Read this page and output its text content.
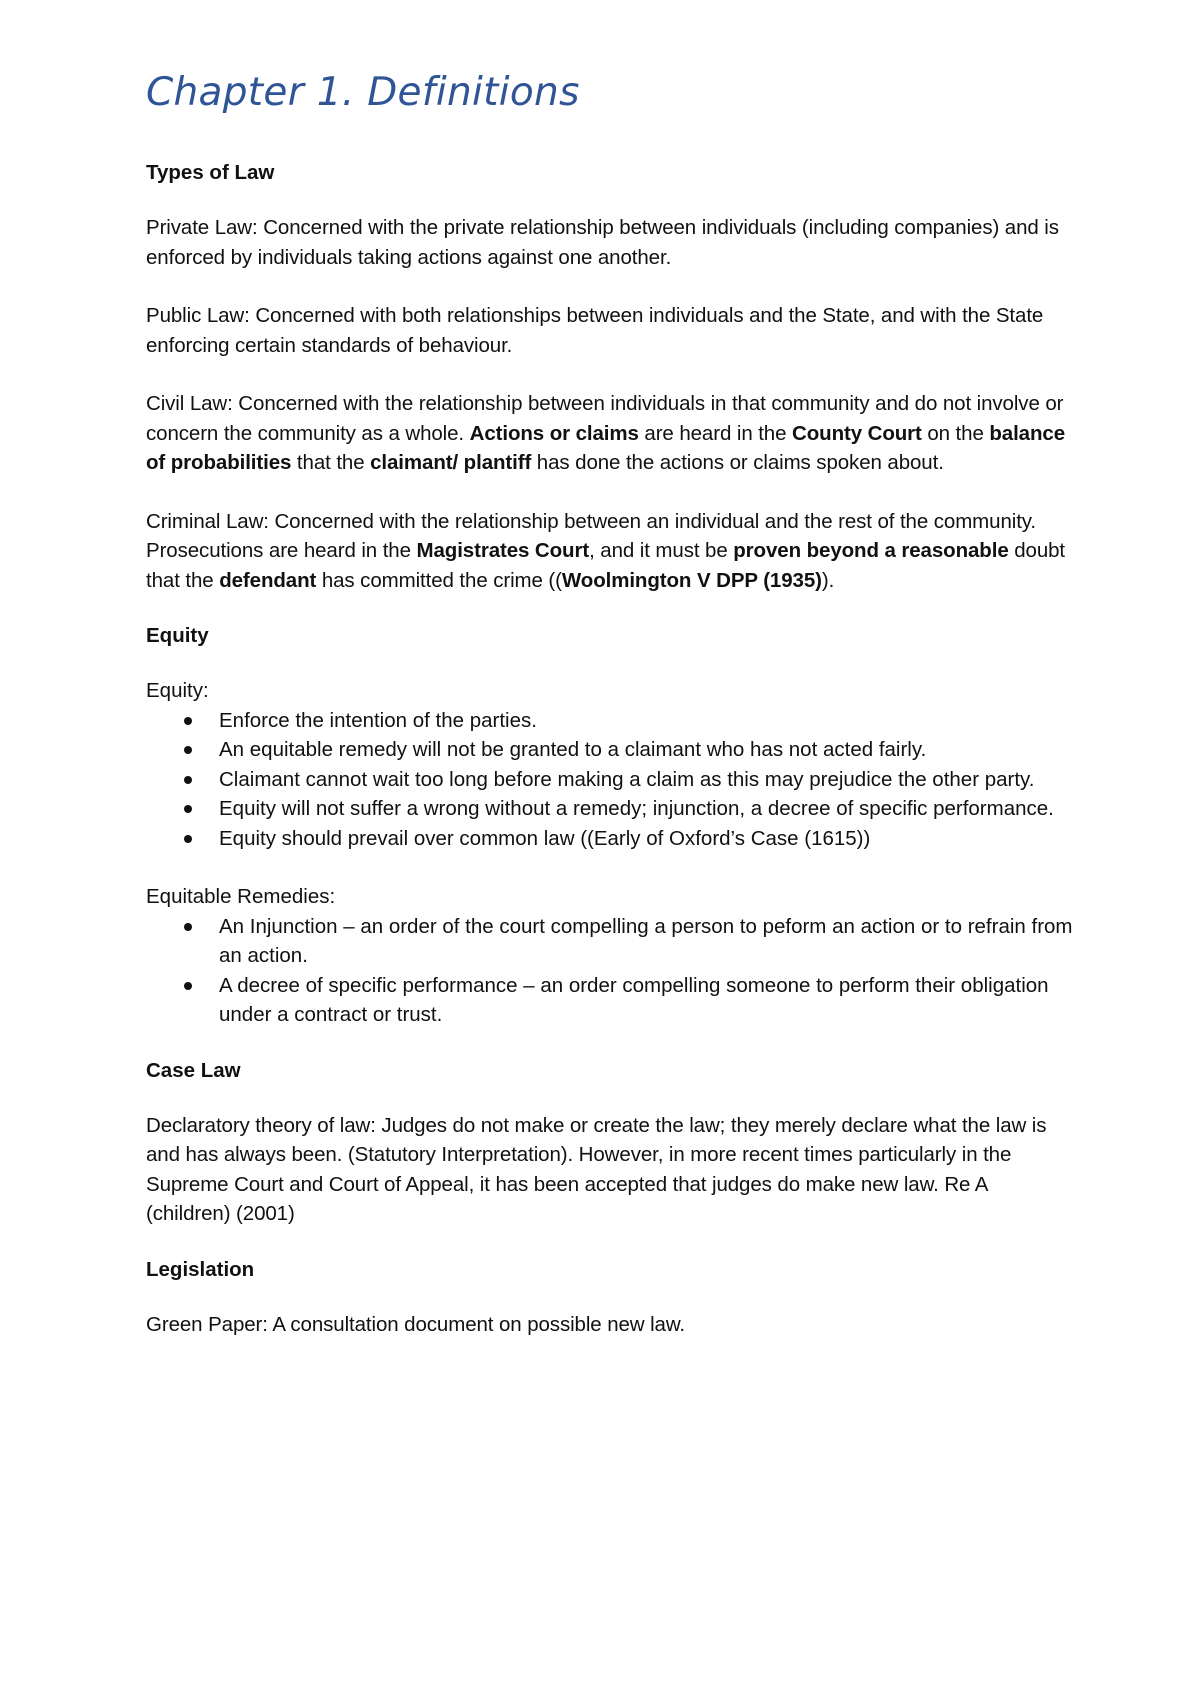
Chapter 1. Definitions
Types of Law

Private Law: Concerned with the private relationship between individuals (including companies) and is enforced by individuals taking actions against one another.

Public Law: Concerned with both relationships between individuals and the State, and with the State enforcing certain standards of behaviour.

Civil Law: Concerned with the relationship between individuals in that community and do not involve or concern the community as a whole. Actions or claims are heard in the County Court on the balance of probabilities that the claimant/ plantiff has done the actions or claims spoken about.

Criminal Law: Concerned with the relationship between an individual and the rest of the community. Prosecutions are heard in the Magistrates Court, and it must be proven beyond a reasonable doubt that the defendant has committed the crime ((Woolmington V DPP (1935)).

Equity
Equity:
Enforce the intention of the parties.
An equitable remedy will not be granted to a claimant who has not acted fairly.
Claimant cannot wait too long before making a claim as this may prejudice the other party.
Equity will not suffer a wrong without a remedy; injunction, a decree of specific performance.
Equity should prevail over common law ((Early of Oxford’s Case (1615))
Equitable Remedies:
An Injunction – an order of the court compelling a person to peform an action or to refrain from an action.
A decree of specific performance – an order compelling someone to perform their obligation under a contract or trust.
Case Law

Declaratory theory of law: Judges do not make or create the law; they merely declare what the law is and has always been. (Statutory Interpretation). However, in more recent times particularly in the Supreme Court and Court of Appeal, it has been accepted that judges do make new law. Re A (children) (2001)

Legislation

Green Paper: A consultation document on possible new law.
